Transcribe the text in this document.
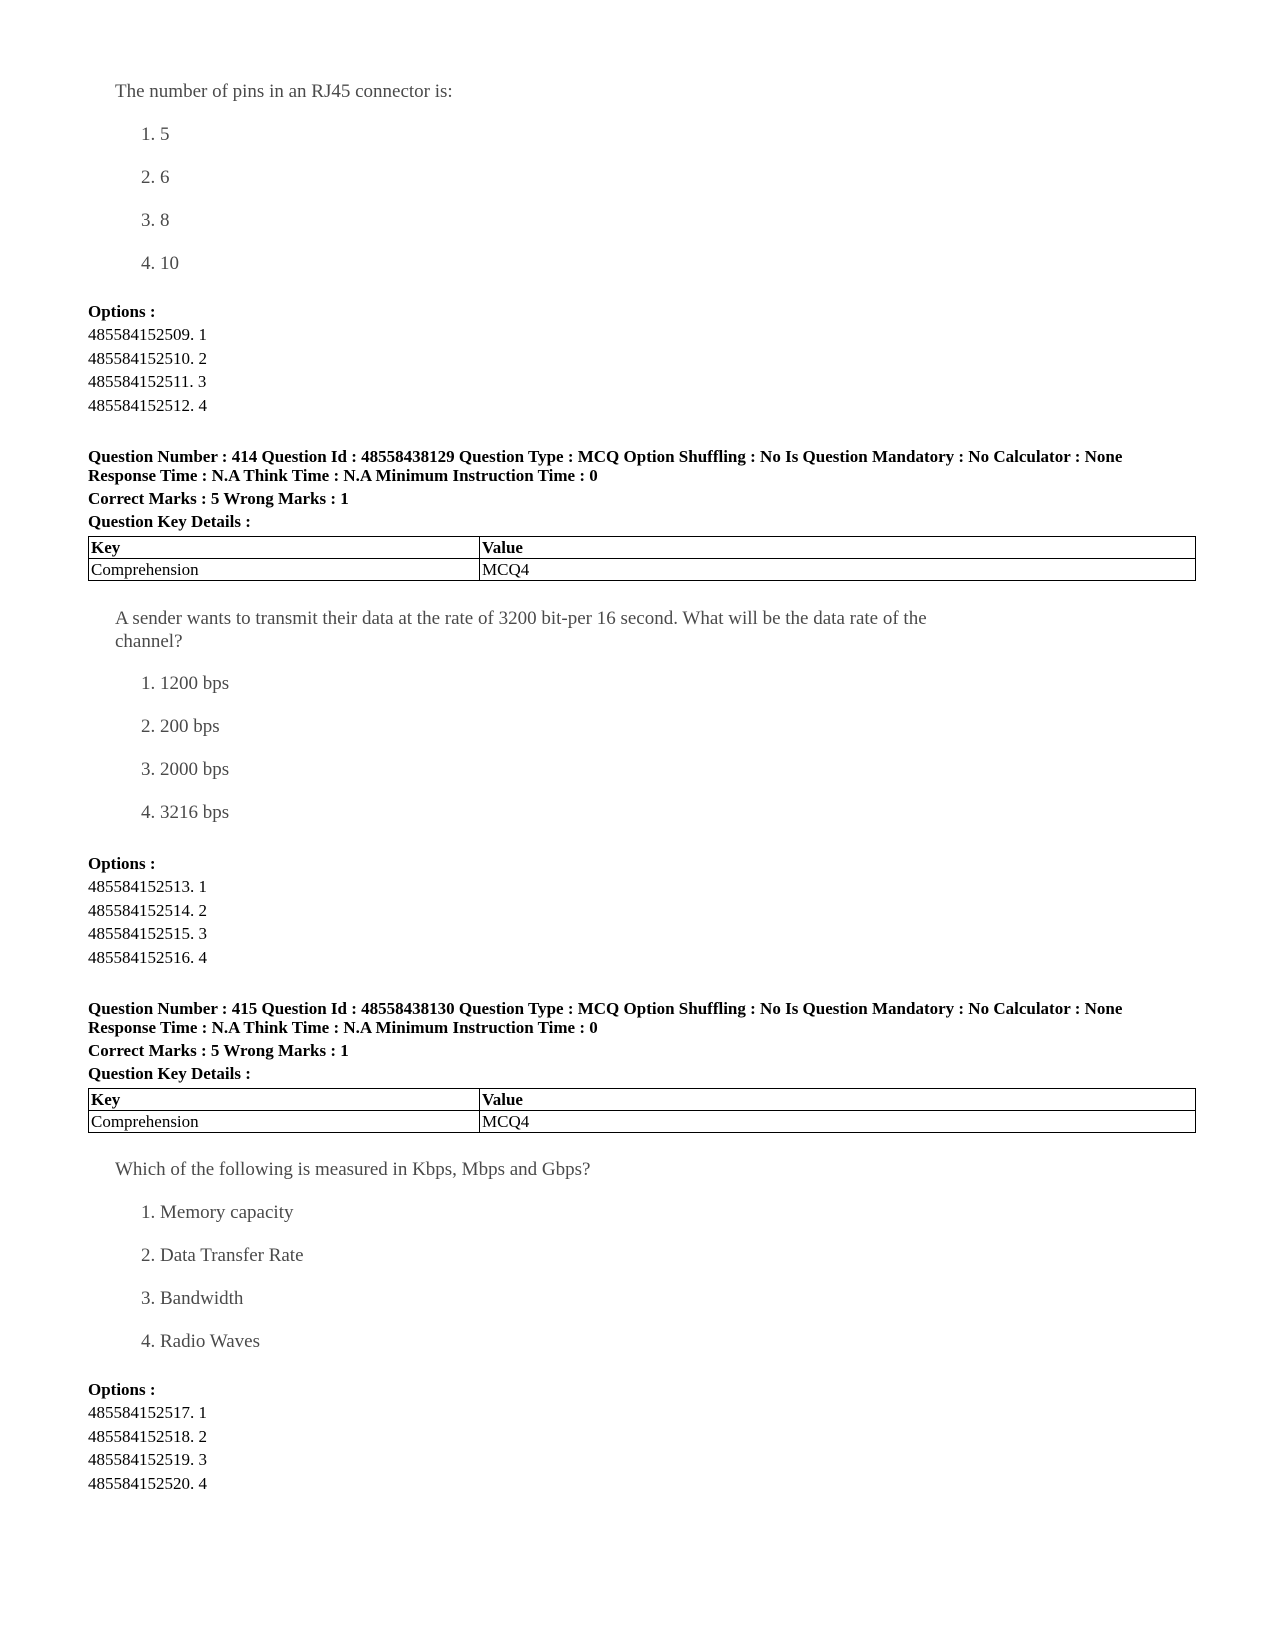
The number of pins in an RJ45 connector is:
1. 5
2. 6
3. 8
4. 10
Options :
485584152509. 1
485584152510. 2
485584152511. 3
485584152512. 4
Question Number : 414 Question Id : 48558438129 Question Type : MCQ Option Shuffling : No Is Question Mandatory : No Calculator : None
Response Time : N.A Think Time : N.A Minimum Instruction Time : 0
Correct Marks : 5 Wrong Marks : 1
Question Key Details :
Key	Value
Comprehension	MCQ4
A sender wants to transmit their data at the rate of 3200 bit-per 16 second. What will be the data rate of the
channel?
1. 1200 bps
2. 200 bps
3. 2000 bps
4. 3216 bps
Options :
485584152513. 1
485584152514. 2
485584152515. 3
485584152516. 4
Question Number : 415 Question Id : 48558438130 Question Type : MCQ Option Shuffling : No Is Question Mandatory : No Calculator : None
Response Time : N.A Think Time : N.A Minimum Instruction Time : 0
Correct Marks : 5 Wrong Marks : 1
Question Key Details :
Key	Value
Comprehension	MCQ4
Which of the following is measured in Kbps, Mbps and Gbps?
1. Memory capacity
2. Data Transfer Rate
3. Bandwidth
4. Radio Waves
Options :
485584152517. 1
485584152518. 2
485584152519. 3
485584152520. 4
